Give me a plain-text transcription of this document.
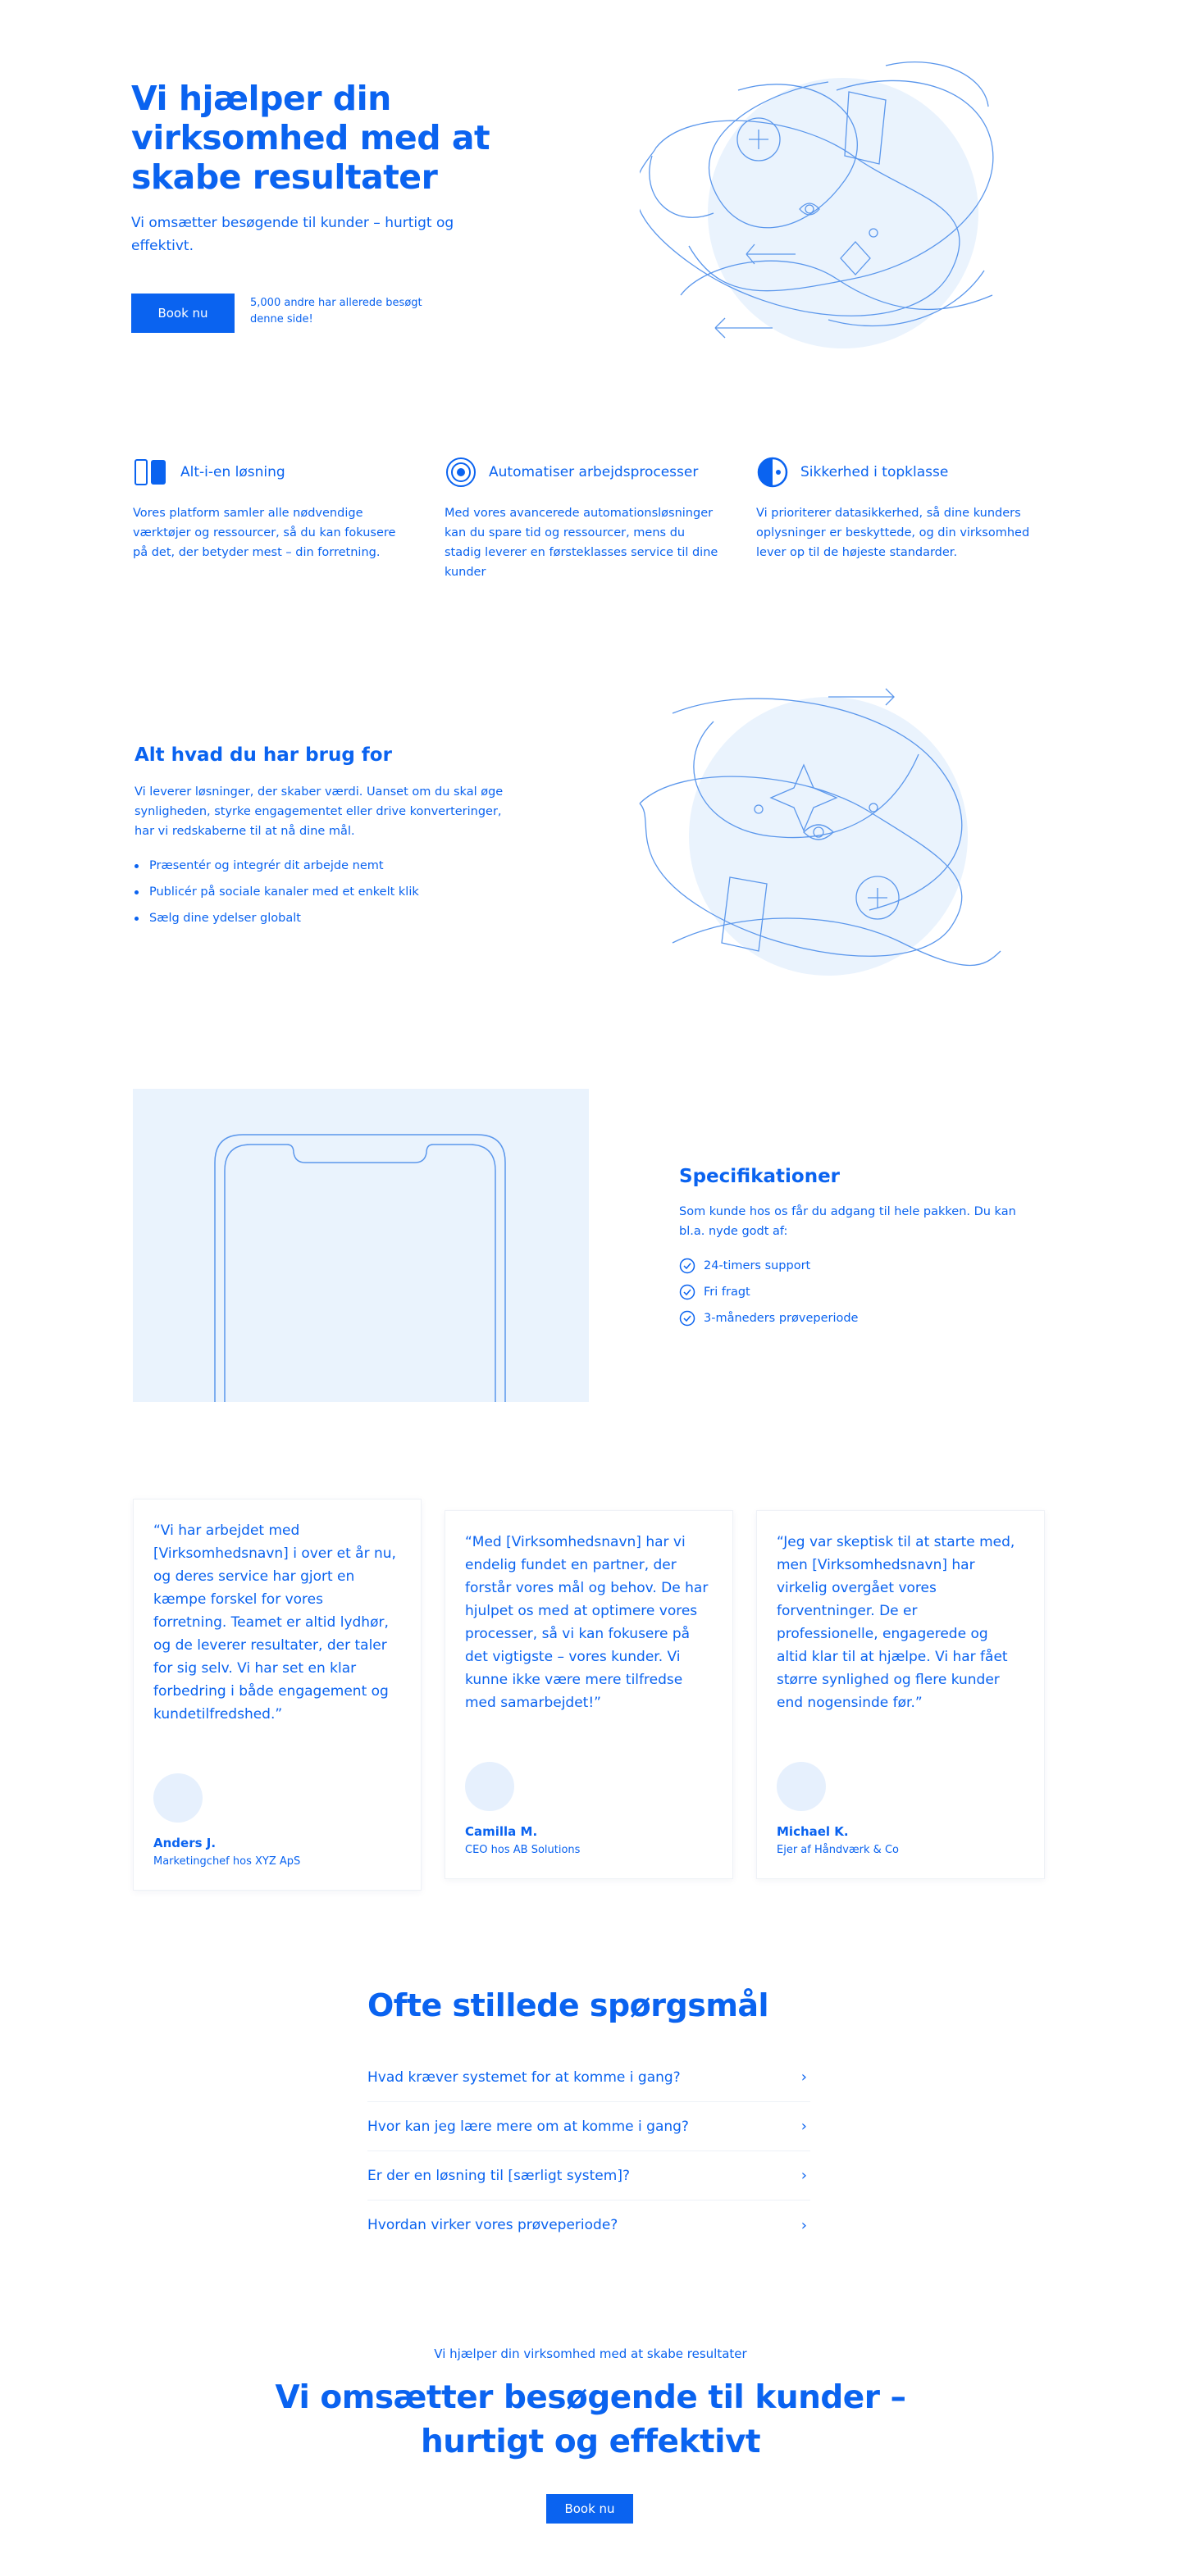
Vi hjælper din virksomhed med at skabe resultater

Vi omsætter besøgende til kunder – hurtigt og effektivt.

Book nu

5,000 andre har allerede besøgt denne side!

Alt-i-en løsning

Vores platform samler alle nødvendige værktøjer og ressourcer, så du kan fokusere på det, der betyder mest – din forretning.

Automatiser arbejdsprocesser

Med vores avancerede automationsløsninger kan du spare tid og ressourcer, mens du stadig leverer en førsteklasses service til dine kunder

Sikkerhed i topklasse

Vi prioriterer datasikkerhed, så dine kunders oplysninger er beskyttede, og din virksomhed lever op til de højeste standarder.

Alt hvad du har brug for

Vi leverer løsninger, der skaber værdi. Uanset om du skal øge synligheden, styrke engagementet eller drive konverteringer, har vi redskaberne til at nå dine mål.

Præsentér og integrér dit arbejde nemt
Publicér på sociale kanaler med et enkelt klik
Sælg dine ydelser globalt
Specifikationer

Som kunde hos os får du adgang til hele pakken. Du kan bl.a. nyde godt af:

24-timers support
Fri fragt
3-måneders prøveperiode

“Vi har arbejdet med [Virksomhedsnavn] i over et år nu, og deres service har gjort en kæmpe forskel for vores forretning. Teamet er altid lydhør, og de leverer resultater, der taler for sig selv. Vi har set en klar forbedring i både engagement og kundetilfredshed.”

Anders J.
Marketingchef hos XYZ ApS

“Med [Virksomhedsnavn] har vi endelig fundet en partner, der forstår vores mål og behov. De har hjulpet os med at optimere vores processer, så vi kan fokusere på det vigtigste – vores kunder. Vi kunne ikke være mere tilfredse med samarbejdet!”

Camilla M.
CEO hos AB Solutions

“Jeg var skeptisk til at starte med, men [Virksomhedsnavn] har virkelig overgået vores forventninger. De er professionelle, engagerede og altid klar til at hjælpe. Vi har fået større synlighed og flere kunder end nogensinde før.”

Michael K.
Ejer af Håndværk & Co
Ofte stillede spørgsmål
Hvad kræver systemet for at komme i gang?	›
Hvor kan jeg lære mere om at komme i gang?	›
Er der en løsning til [særligt system]?	›
Hvordan virker vores prøveperiode?	›

Vi hjælper din virksomhed med at skabe resultater

Vi omsætter besøgende til kunder – hurtigt og effektivt
Book nu
